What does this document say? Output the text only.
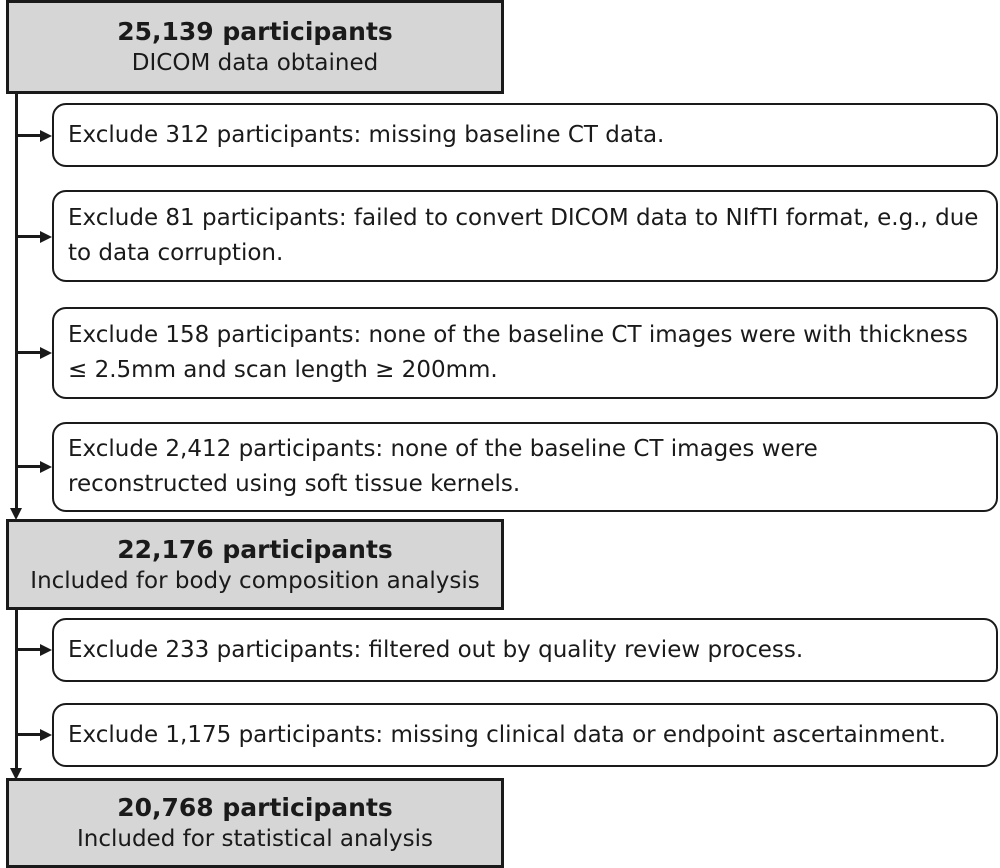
25,139 participants
DICOM data obtained
22,176 participants
Included for body composition analysis
20,768 participants
Included for statistical analysis
Exclude 312 participants: missing baseline CT data.
Exclude 81 participants: failed to convert DICOM data to NIfTI format, e.g., due to data corruption.
Exclude 158 participants: none of the baseline CT images were with thickness ≤ 2.5mm and scan length ≥ 200mm.
Exclude 2,412 participants: none of the baseline CT images were reconstructed using soft tissue kernels.
Exclude 233 participants: filtered out by quality review process.
Exclude 1,175 participants: missing clinical data or endpoint ascertainment.
